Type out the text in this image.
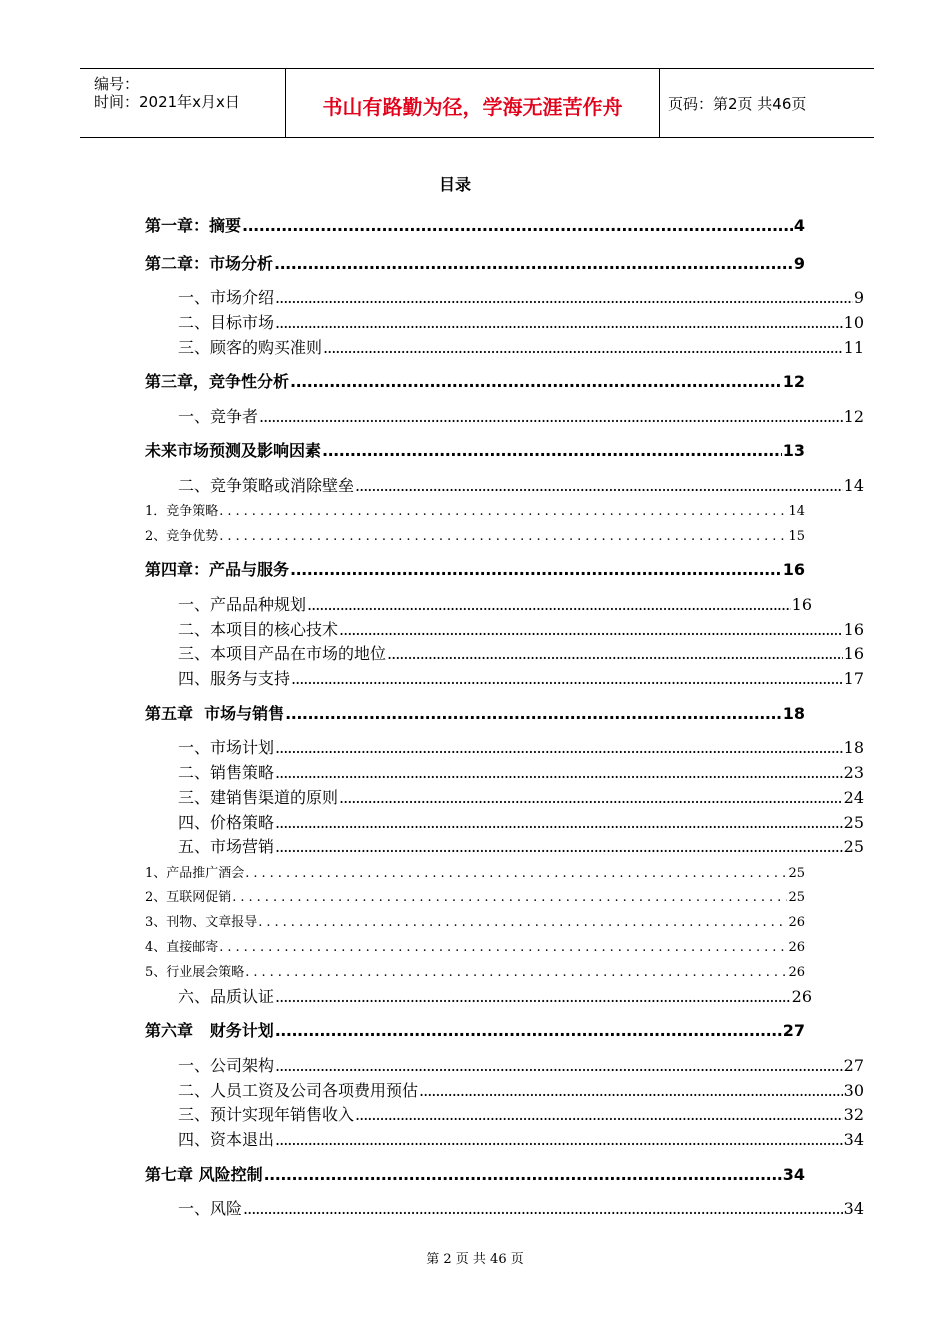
编号：
时间：2021年x月x日	书山有路勤为径，学海无涯苦作舟	页码：第2页 共46页
目录
第一章：摘要 .....	4
第二章：市场分析 .....	9
一、市场介绍 .....	9
二、目标市场 .....	10
三、顾客的购买准则 .....	11
第三章，竞争性分析 .....	12
一、竞争者 .....	12
未来市场预测及影响因素 .....	13
二、竞争策略或消除壁垒 .....	14
1．竞争策略 .....	14
2、竞争优势 .....	15
第四章：产品与服务 .....	16
一、产品品种规划 .....	16
二、本项目的核心技术 .....	16
三、本项目产品在市场的地位 .....	16
四、服务与支持 .....	17
第五章  市场与销售 .....	18
一、市场计划 .....	18
二、销售策略 .....	23
三、建销售渠道的原则 .....	24
四、价格策略 .....	25
五、市场营销 .....	25
1、产品推广酒会 .....	25
2、互联网促销 .....	25
3、刊物、文章报导 .....	26
4、直接邮寄 .....	26
5、行业展会策略 .....	26
六、品质认证 .....	26
第六章   财务计划 .....	27
一、公司架构 .....	27
二、人员工资及公司各项费用预估 .....	30
三、预计实现年销售收入 .....	32
四、资本退出 .....	34
第七章 风险控制 .....	34
一、风险 .....	34
第 2 页 共 46 页
